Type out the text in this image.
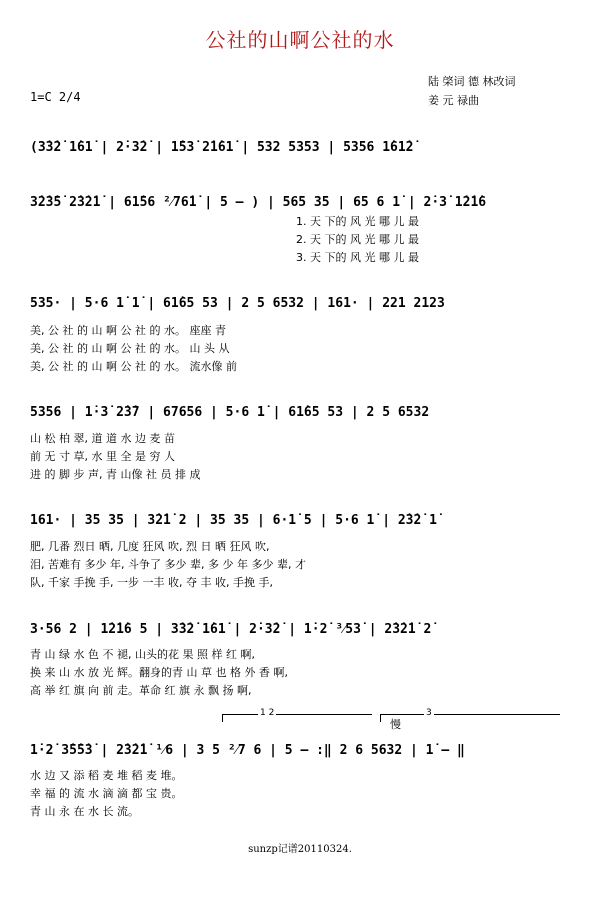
公社的山啊公社的水
陆 棨词 德 林改词
姜 元 禄曲
1=C 2/4
(3̇3̇2̇ 1̇61̇ | 2̇·3̇2̇ | 1̇53̇ 2̇1̇61̇ | 532 5353 | 5356 1̇61̇2̇
3̇2̇3̇5̇ 2̇3̇2̇1̇ | 61̇56 ²⁄76̇1̇ | 5 – ) | 565 35 | 65 6 1̇ | 2̇·3̇ 1̇2̇1̇6
1. 天 下的 风 光 哪 儿 最
2. 天 下的 风 光 哪 儿 最
3. 天 下的 风 光 哪 儿 最
535· | 5·6 1̇ 1̇ | 61̇65 53 | 2 5 6532 | 161· | 221 2123
美, 公 社 的 山 啊 公 社 的 水。 座座 青
美, 公 社 的 山 啊 公 社 的 水。 山 头 从
美, 公 社 的 山 啊 公 社 的 水。 流水像 前
5356 | 1̇·3̇ 2̇3̇7 | 67656 | 5·6 1̇ | 61̇65 53 | 2 5 6532
山 松 柏 翠, 道 道 水 边 麦 苗
前 无 寸 草, 水 里 全 是 穷 人
进 的 脚 步 声, 青 山像 社 员 排 成
161· | 35 35 | 3̇2̇1̇ 2 | 35 35 | 6·1̇ 5 | 5·6 1̇ | 2̇3̇2̇ 1̇
肥, 几番 烈日 晒, 几度 狂风 吹, 烈 日 晒 狂风 吹,
泪, 苦难有 多少 年, 斗争了 多少 辈, 多 少 年 多少 辈, 才
队, 千家 手挽 手, 一步 一丰 收, 夺 丰 收, 手挽 手,
3·56 2 | 1̇2̇1̇6 5 | 3̇3̇2̇ 1̇61̇ | 2̇·3̇2̇ | 1̇·2̇ ³⁄53̇ | 2̇3̇2̇1̇ 2̇
青 山 绿 水 色 不 褪, 山头的花 果 照 样 红 啊,
换 来 山 水 放 光 辉。翻身的青 山 草 也 格 外 香 啊,
高 举 红 旗 向 前 走。革命 红 旗 永 飘 扬 啊,
1 2	3
慢
1̇·2̇ 3̇5̇5̇3̇ | 2̇3̇2̇1̇ ¹⁄6 | 3 5 ²⁄7 6 | 5 – :‖ 2 6 5632 | 1̇ – ‖
水 边 又 添 稻 麦 堆 稻 麦 堆。
幸 福 的 流 水 滴 滴 都 宝 贵。
青 山 永 在 水 长 流。
sunzp记谱20110324.
